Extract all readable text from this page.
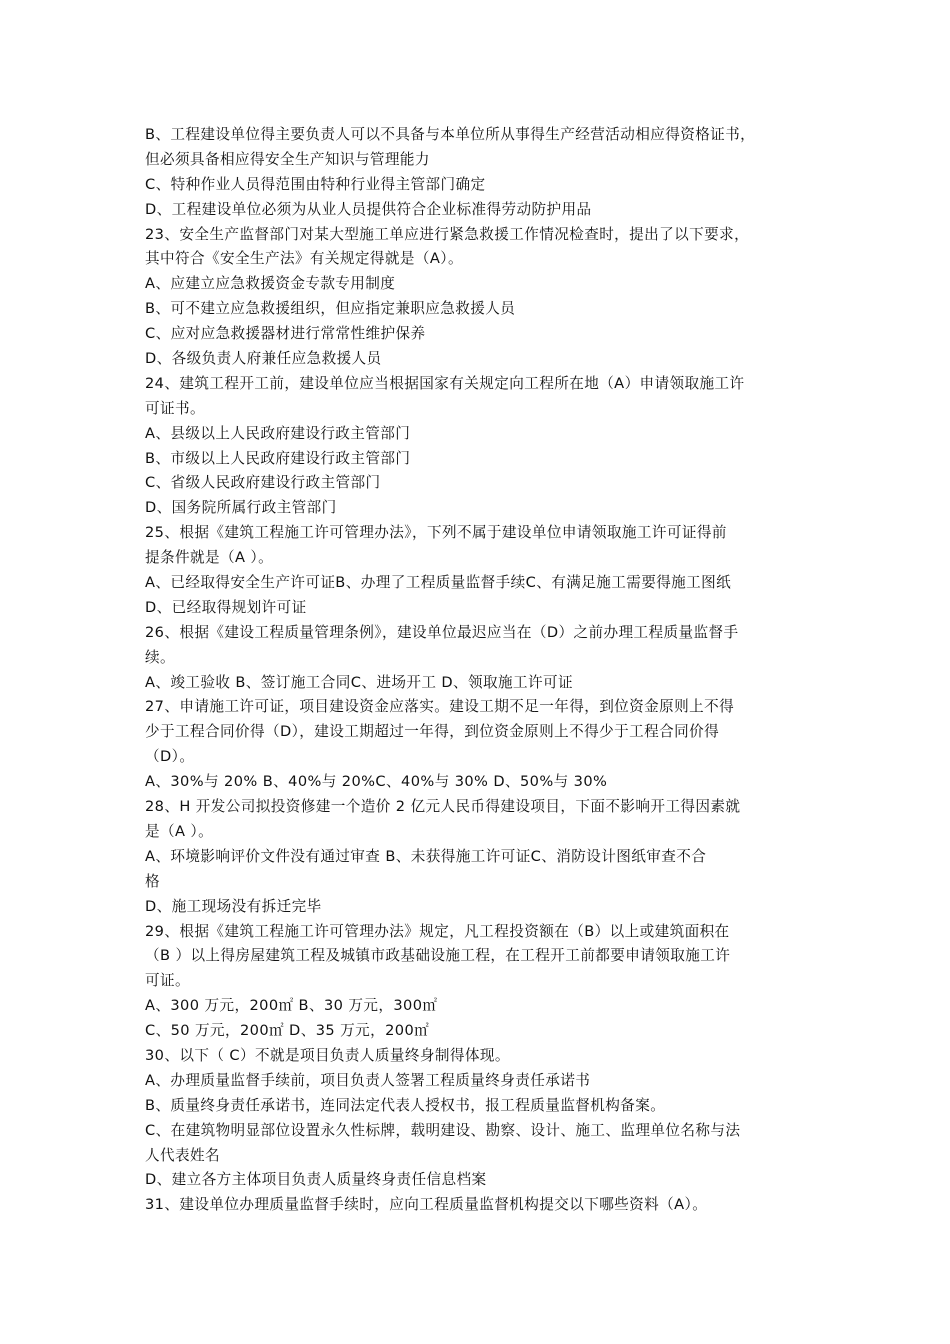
B、工程建设单位得主要负责人可以不具备与本单位所从事得生产经营活动相应得资格证书，
但必须具备相应得安全生产知识与管理能力
C、特种作业人员得范围由特种行业得主管部门确定
D、工程建设单位必须为从业人员提供符合企业标准得劳动防护用品
23、安全生产监督部门对某大型施工单应进行紧急救援工作情况检查时，提出了以下要求，
其中符合《安全生产法》有关规定得就是（A）。
A、应建立应急救援资金专款专用制度
B、可不建立应急救援组织，但应指定兼职应急救援人员
C、应对应急救援器材进行常常性维护保养
D、各级负责人府兼任应急救援人员
24、建筑工程开工前，建设单位应当根据国家有关规定向工程所在地（A）申请领取施工许
可证书。
A、县级以上人民政府建设行政主管部门
B、市级以上人民政府建设行政主管部门
C、省级人民政府建设行政主管部门
D、国务院所属行政主管部门
25、根据《建筑工程施工许可管理办法》，下列不属于建设单位申请领取施工许可证得前
提条件就是（A ）。
A、已经取得安全生产许可证B、办理了工程质量监督手续C、有满足施工需要得施工图纸
D、已经取得规划许可证
26、根据《建设工程质量管理条例》，建设单位最迟应当在（D）之前办理工程质量监督手
续。
A、竣工验收 B、签订施工合同C、进场开工 D、领取施工许可证
27、申请施工许可证，项目建设资金应落实。建设工期不足一年得，到位资金原则上不得
少于工程合同价得（D），建设工期超过一年得，到位资金原则上不得少于工程合同价得
（D）。
A、30%与 20% B、40%与 20%C、40%与 30% D、50%与 30%
28、H 开发公司拟投资修建一个造价 2 亿元人民币得建设项目，下面不影响开工得因素就
是（A ）。
A、环境影响评价文件没有通过审查 B、未获得施工许可证C、消防设计图纸审查不合
格
D、施工现场没有拆迁完毕
29、根据《建筑工程施工许可管理办法》规定，凡工程投资额在（B）以上或建筑面积在
（B ）以上得房屋建筑工程及城镇市政基础设施工程，在工程开工前都要申请领取施工许
可证。
A、300 万元，200㎡ B、30 万元，300㎡
C、50 万元，200㎡ D、35 万元，200㎡
30、以下（ C）不就是项目负责人质量终身制得体现。
A、办理质量监督手续前，项目负责人签署工程质量终身责任承诺书
B、质量终身责任承诺书，连同法定代表人授权书，报工程质量监督机构备案。
C、在建筑物明显部位设置永久性标牌，载明建设、勘察、设计、施工、监理单位名称与法
人代表姓名
D、建立各方主体项目负责人质量终身责任信息档案
31、建设单位办理质量监督手续时，应向工程质量监督机构提交以下哪些资料（A）。
